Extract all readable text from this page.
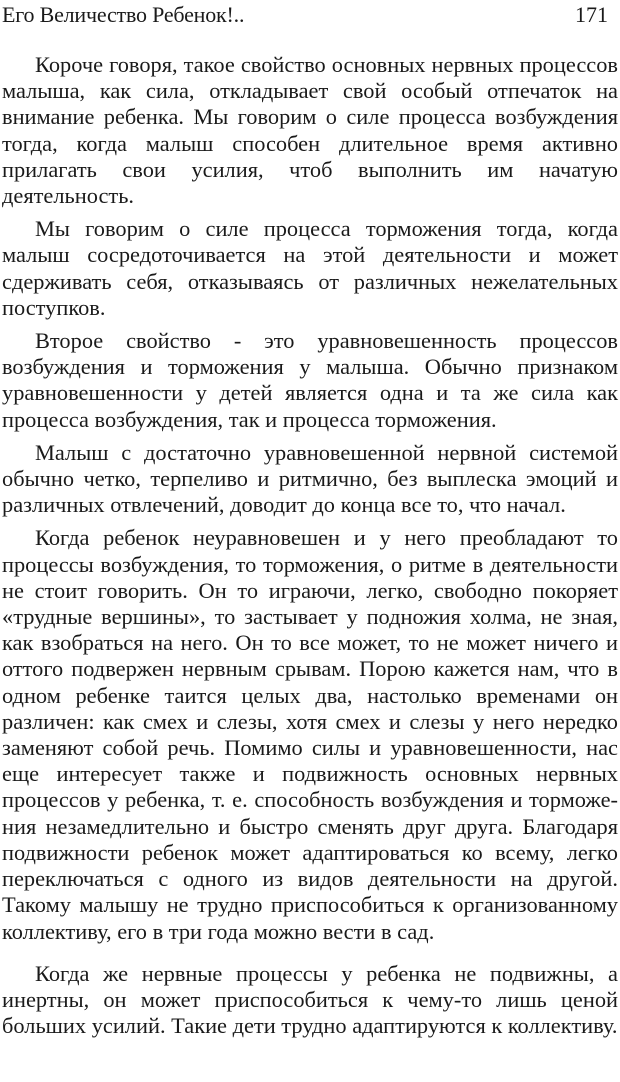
Его Величество Ребенок!..	171

Короче говоря, такое свойство основных нервных процессов малыша, как сила, откладывает свой особый отпечаток на внимание ребенка. Мы говорим о силе процесса возбуждения тогда, когда малыш способен длительное время активно прилагать свои усилия, чтоб выполнить им начатую деятельность.

Мы говорим о силе процесса торможения тогда, когда малыш сосредоточивается на этой деятельности и может сдерживать себя, отказываясь от различных нежелательных поступков.

Второе свойство - это уравновешенность процессов возбуждения и торможения у малыша. Обычно признаком уравновешенности у детей является одна и та же сила как процесса возбуждения, так и процесса торможения.

Малыш с достаточно уравновешенной нервной системой обычно четко, терпеливо и ритмично, без выплеска эмоций и различных отвлечений, доводит до конца все то, что начал.

Когда ребенок неуравновешен и у него преобладают то процессы возбуждения, то торможения, о ритме в деятельности не стоит говорить. Он то играючи, легко, свободно покоряет «трудные вершины», то застывает у подножия холма, не зная, как взобраться на него. Он то все может, то не может ничего и оттого подвержен нервным срывам. Порою кажется нам, что в одном ребенке таится целых два, настолько временами он различен: как смех и слезы, хотя смех и слезы у него нередко заменяют собой речь. Помимо силы и уравновешенности, нас еще интересует также и подвижность основных нервных процессов у ребенка, т. е. способность возбуждения и торможения незамедлительно и быстро сменять друг друга. Благодаря подвижности ребенок может адаптироваться ко всему, легко переключаться с одного из видов деятельности на другой. Такому малышу не трудно приспособиться к организованному коллективу, его в три года можно вести в сад.

Когда же нервные процессы у ребенка не подвижны, а инертны, он может приспособиться к чему-то лишь ценой больших усилий. Такие дети трудно адаптируются к коллективу.
